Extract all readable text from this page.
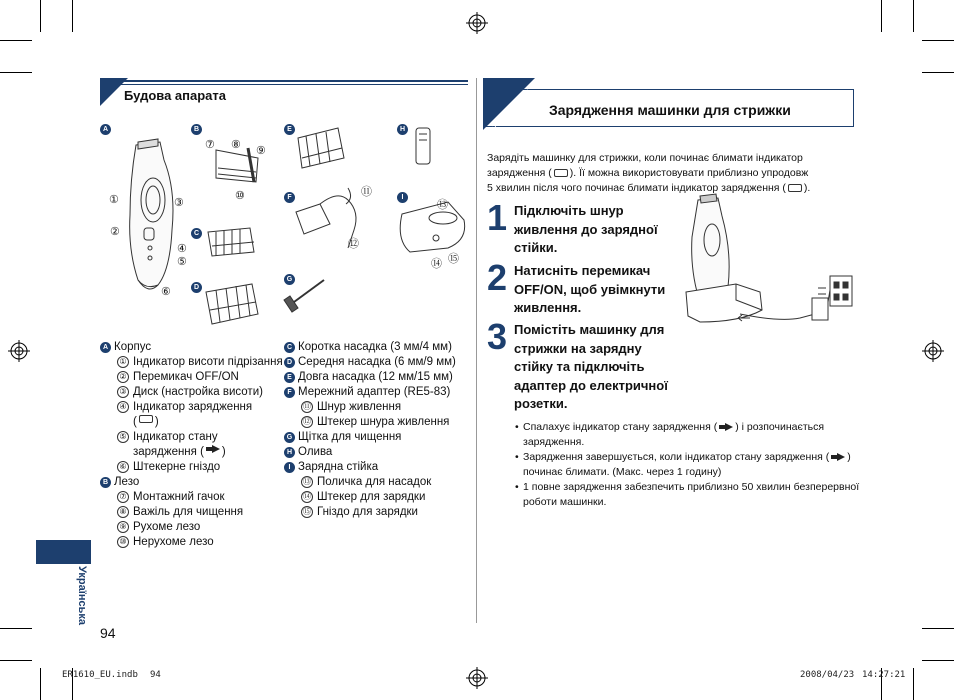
Будова апарата
A	B
C
D
E
F
G
H
I
①
②
③
④
⑤
⑥
⑦ ⑧ ⑨
⑩	⑪
⑫
⑬
⑭ ⑮
A Корпус
① Індикатор висоти підрізання
② Перемикач OFF/ON
③ Диск (настройка висоти)
④ Індикатор зарядження
( )
⑤ Індикатор стану
зарядження ( )
⑥ Штекерне гніздо
B Лезо
⑦ Монтажний гачок
⑧ Важіль для чищення
⑨ Рухоме лезо
⑩ Нерухоме лезо
C Коротка насадка (3 мм/4 мм)
D Середня насадка (6 мм/9 мм)
E Довга насадка (12 мм/15 мм)
F Мережний адаптер (RE5-83)
⑪ Шнур живлення
⑫ Штекер шнура живлення
G Щітка для чищення
H Олива
I Зарядна стійка
⑬ Поличка для насадок
⑭ Штекер для зарядки
⑮ Гніздо для зарядки
Українська
94
Зарядження Зарядження машинки для стрижки
Зарядіть машинку для стрижки, коли починає блимати індикатор
зарядження ( ). Її можна використовувати приблизно упродовж
5 хвилин після чого починає блимати індикатор зарядження ( ).
1 Підключіть шнур живлення до зарядної стійки.
2 Натисніть перемикач OFF/ON, щоб увімкнути живлення.
3 Помістіть машинку для стрижки на зарядну стійку та підключіть адаптер до електричної розетки.
• Спалахує індикатор стану зарядження ( ) і розпочинається зарядження.
• Зарядження завершується, коли індикатор стану зарядження ( ) починає блимати. (Макс. через 1 годину)
• 1 повне зарядження забезпечить приблизно 50 хвилин безперервної роботи машинки.
ER1610_EU.indb 94	2008/04/23 14:27:21
